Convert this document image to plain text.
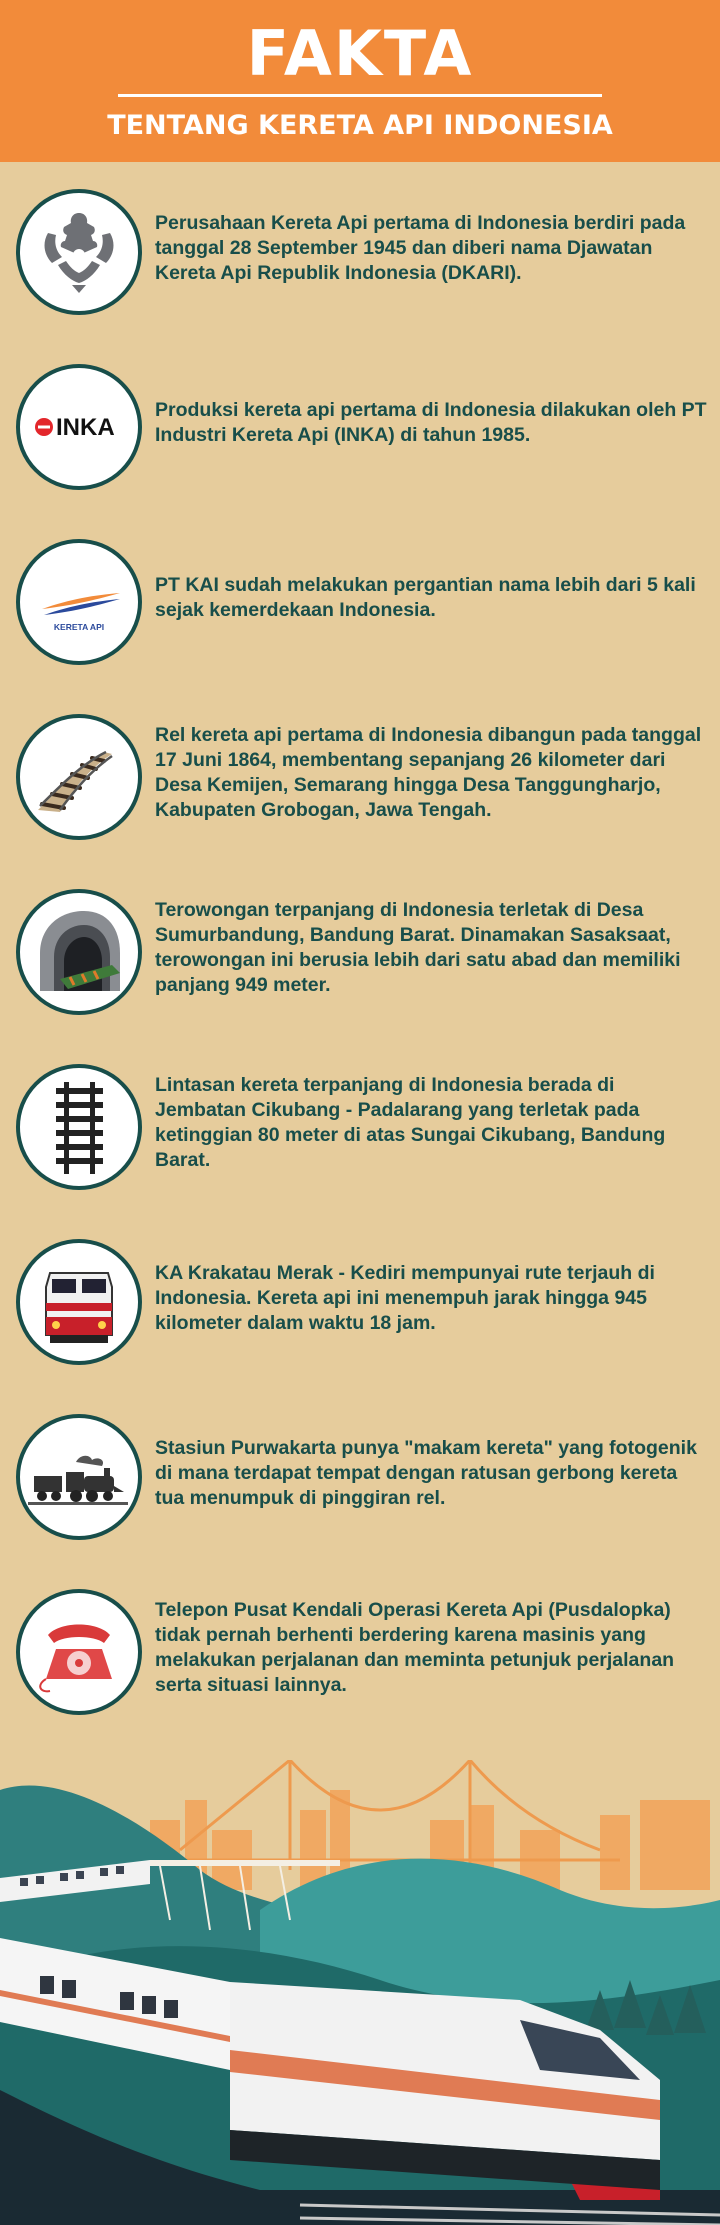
FAKTA
TENTANG KERETA API INDONESIA
Perusahaan Kereta Api pertama di Indonesia berdiri pada tanggal 28 September 1945 dan diberi nama Djawatan Kereta Api Republik Indonesia (DKARI).
INKA
Produksi kereta api pertama di Indonesia dilakukan oleh PT Industri Kereta Api (INKA) di tahun 1985.
KERETA API
PT KAI sudah melakukan pergantian nama lebih dari 5 kali sejak kemerdekaan Indonesia.
Rel kereta api pertama di Indonesia dibangun pada tanggal 17 Juni 1864, membentang sepanjang 26 kilometer dari Desa Kemijen, Semarang hingga Desa Tanggungharjo, Kabupaten Grobogan, Jawa Tengah.
Terowongan terpanjang di Indonesia terletak di Desa Sumurbandung, Bandung Barat. Dinamakan Sasaksaat, terowongan ini berusia lebih dari satu abad dan memiliki panjang 949 meter.
Lintasan kereta terpanjang di Indonesia berada di Jembatan Cikubang - Padalarang yang terletak pada ketinggian 80 meter di atas Sungai Cikubang, Bandung Barat.
KA Krakatau Merak - Kediri mempunyai rute terjauh di Indonesia. Kereta api ini menempuh jarak hingga 945 kilometer dalam waktu 18 jam.
Stasiun Purwakarta punya "makam kereta" yang fotogenik di mana terdapat tempat dengan ratusan gerbong kereta tua menumpuk di pinggiran rel.
Telepon Pusat Kendali Operasi Kereta Api (Pusdalopka) tidak pernah berhenti berdering karena masinis yang melakukan perjalanan dan meminta petunjuk perjalanan serta situasi lainnya.
